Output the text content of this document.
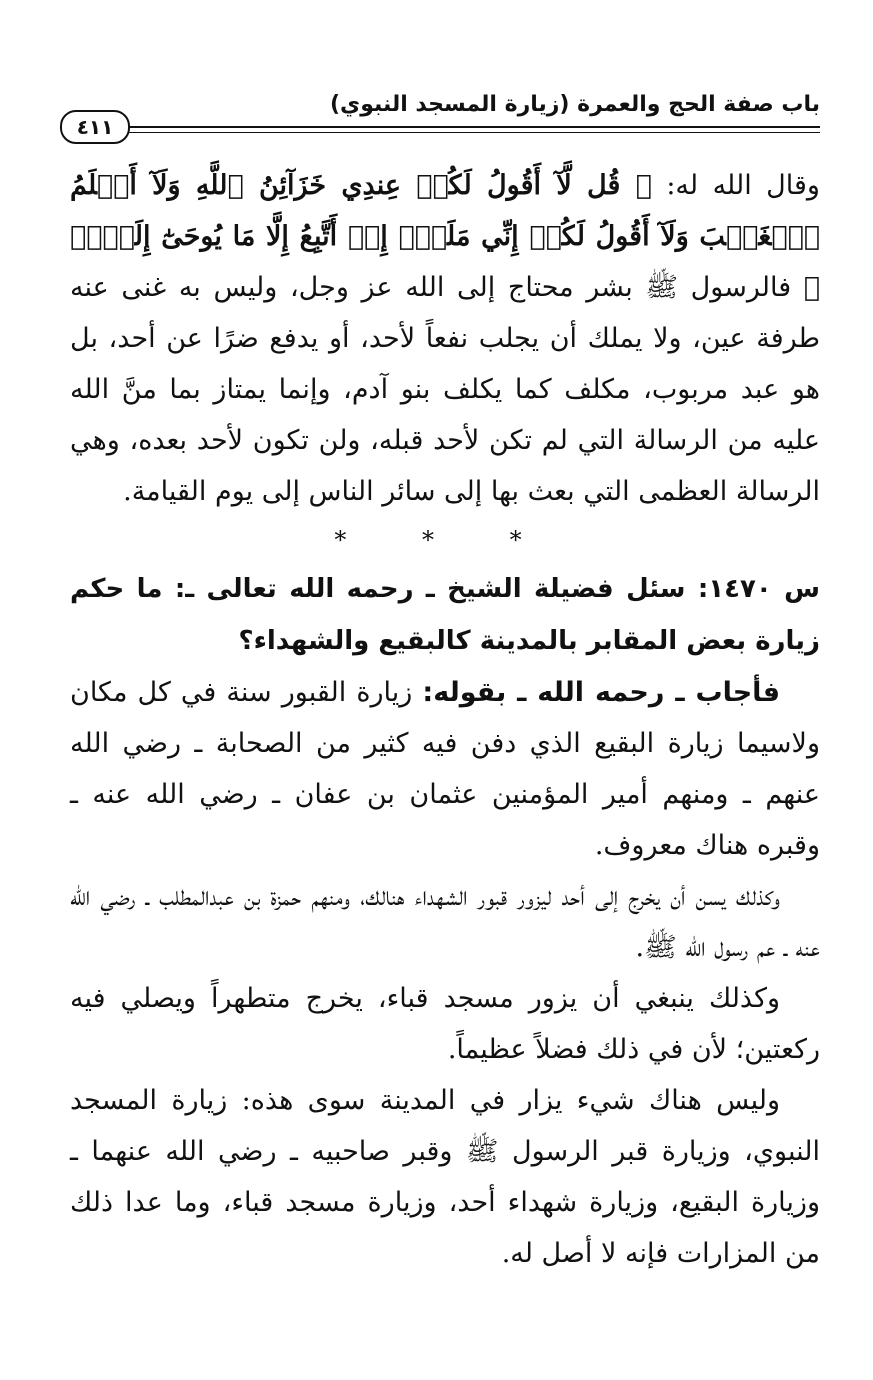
باب صفة الحج والعمرة (زيارة المسجد النبوي)
٤١١

وقال الله له: ﴿ قُل لَّآ أَقُولُ لَكُمۡ عِندِي خَزَآئِنُ ٱللَّهِ وَلَآ أَعۡلَمُ ٱلۡغَيۡبَ وَلَآ أَقُولُ لَكُمۡ إِنِّي مَلَكٌۖ إِنۡ أَتَّبِعُ إِلَّا مَا يُوحَىٰٓ إِلَيَّۚ ﴾ فالرسول ﷺ بشر محتاج إلى الله عز وجل، وليس به غنى عنه طرفة عين، ولا يملك أن يجلب نفعاً لأحد، أو يدفع ضرًا عن أحد، بل هو عبد مربوب، مكلف كما يكلف بنو آدم، وإنما يمتاز بما منَّ الله عليه من الرسالة التي لم تكن لأحد قبله، ولن تكون لأحد بعده، وهي الرسالة العظمى التي بعث بها إلى سائر الناس إلى يوم القيامة.

* * *

س ١٤٧٠: سئل فضيلة الشيخ ـ رحمه الله تعالى ـ: ما حكم زيارة بعض المقابر بالمدينة كالبقيع والشهداء؟

فأجاب ـ رحمه الله ـ بقوله: زيارة القبور سنة في كل مكان ولاسيما زيارة البقيع الذي دفن فيه كثير من الصحابة ـ رضي الله عنهم ـ ومنهم أمير المؤمنين عثمان بن عفان ـ رضي الله عنه ـ وقبره هناك معروف.

وكذلك يسن أن يخرج إلى أحد ليزور قبور الشهداء هنالك، ومنهم حمزة بن عبدالمطلب ـ رضي الله عنه ـ عم رسول الله ﷺ.

وكذلك ينبغي أن يزور مسجد قباء، يخرج متطهراً ويصلي فيه ركعتين؛ لأن في ذلك فضلاً عظيماً.

وليس هناك شيء يزار في المدينة سوى هذه: زيارة المسجد النبوي، وزيارة قبر الرسول ﷺ وقبر صاحبيه ـ رضي الله عنهما ـ وزيارة البقيع، وزيارة شهداء أحد، وزيارة مسجد قباء، وما عدا ذلك من المزارات فإنه لا أصل له.
